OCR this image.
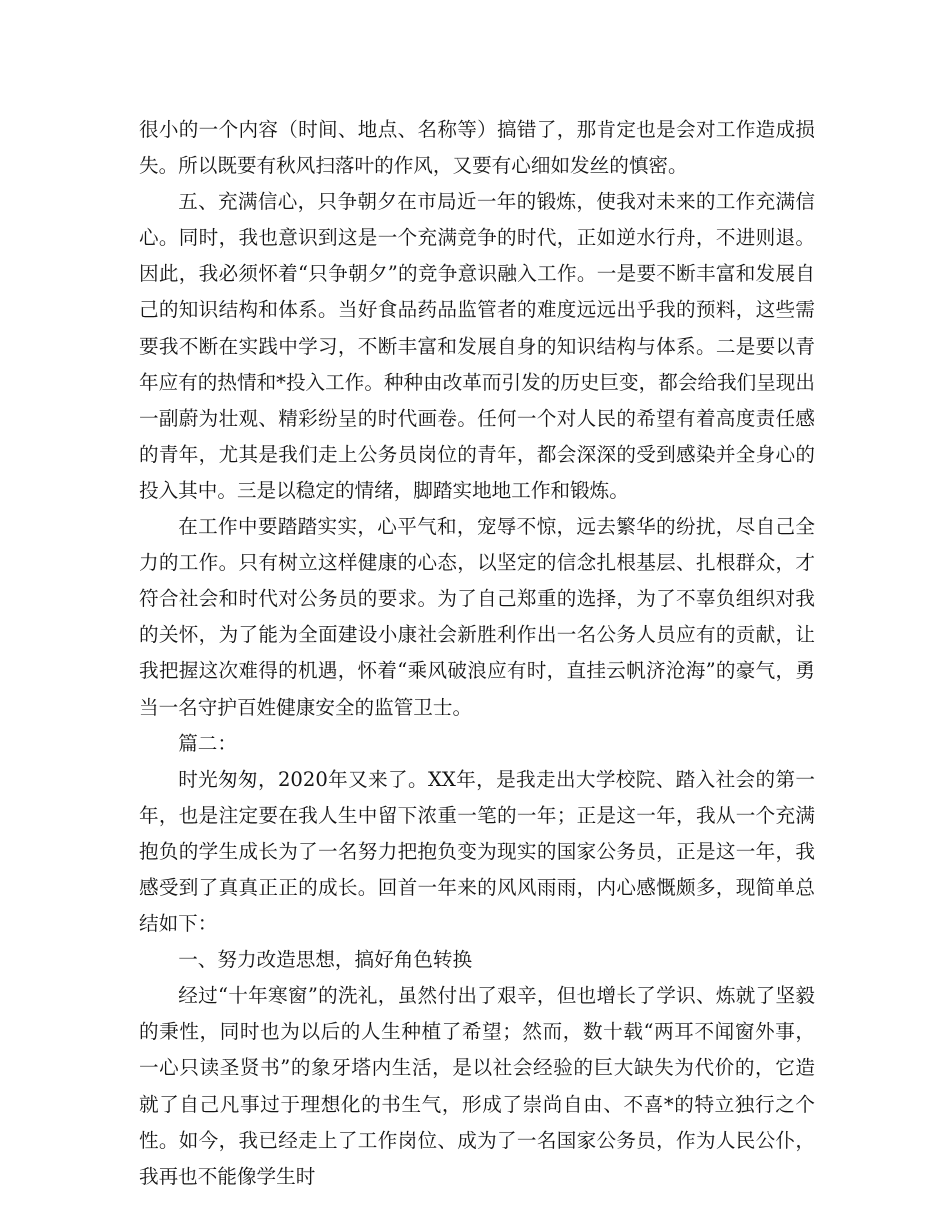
很小的一个内容（时间、地点、名称等）搞错了，那肯定也是会对工作造成损失。所以既要有秋风扫落叶的作风，又要有心细如发丝的慎密。

五、充满信心，只争朝夕在市局近一年的锻炼，使我对未来的工作充满信心。同时，我也意识到这是一个充满竞争的时代，正如逆水行舟，不进则退。因此，我必须怀着“只争朝夕”的竞争意识融入工作。一是要不断丰富和发展自己的知识结构和体系。当好食品药品监管者的难度远远出乎我的预料，这些需要我不断在实践中学习，不断丰富和发展自身的知识结构与体系。二是要以青年应有的热情和*投入工作。种种由改革而引发的历史巨变，都会给我们呈现出一副蔚为壮观、精彩纷呈的时代画卷。任何一个对人民的希望有着高度责任感的青年，尤其是我们走上公务员岗位的青年，都会深深的受到感染并全身心的投入其中。三是以稳定的情绪，脚踏实地地工作和锻炼。

在工作中要踏踏实实，心平气和，宠辱不惊，远去繁华的纷扰，尽自己全力的工作。只有树立这样健康的心态，以坚定的信念扎根基层、扎根群众，才符合社会和时代对公务员的要求。为了自己郑重的选择，为了不辜负组织对我的关怀，为了能为全面建设小康社会新胜利作出一名公务人员应有的贡献，让我把握这次难得的机遇，怀着“乘风破浪应有时，直挂云帆济沧海”的豪气，勇当一名守护百姓健康安全的监管卫士。

篇二：

时光匆匆，2020年又来了。XX年，是我走出大学校院、踏入社会的第一年，也是注定要在我人生中留下浓重一笔的一年；正是这一年，我从一个充满抱负的学生成长为了一名努力把抱负变为现实的国家公务员，正是这一年，我感受到了真真正正的成长。回首一年来的风风雨雨，内心感慨颇多，现简单总结如下：

一、努力改造思想，搞好角色转换

经过“十年寒窗”的洗礼，虽然付出了艰辛，但也增长了学识、炼就了坚毅的秉性，同时也为以后的人生种植了希望；然而，数十载“两耳不闻窗外事，一心只读圣贤书”的象牙塔内生活，是以社会经验的巨大缺失为代价的，它造就了自己凡事过于理想化的书生气，形成了崇尚自由、不喜*的特立独行之个性。如今，我已经走上了工作岗位、成为了一名国家公务员，作为人民公仆，我再也不能像学生时
